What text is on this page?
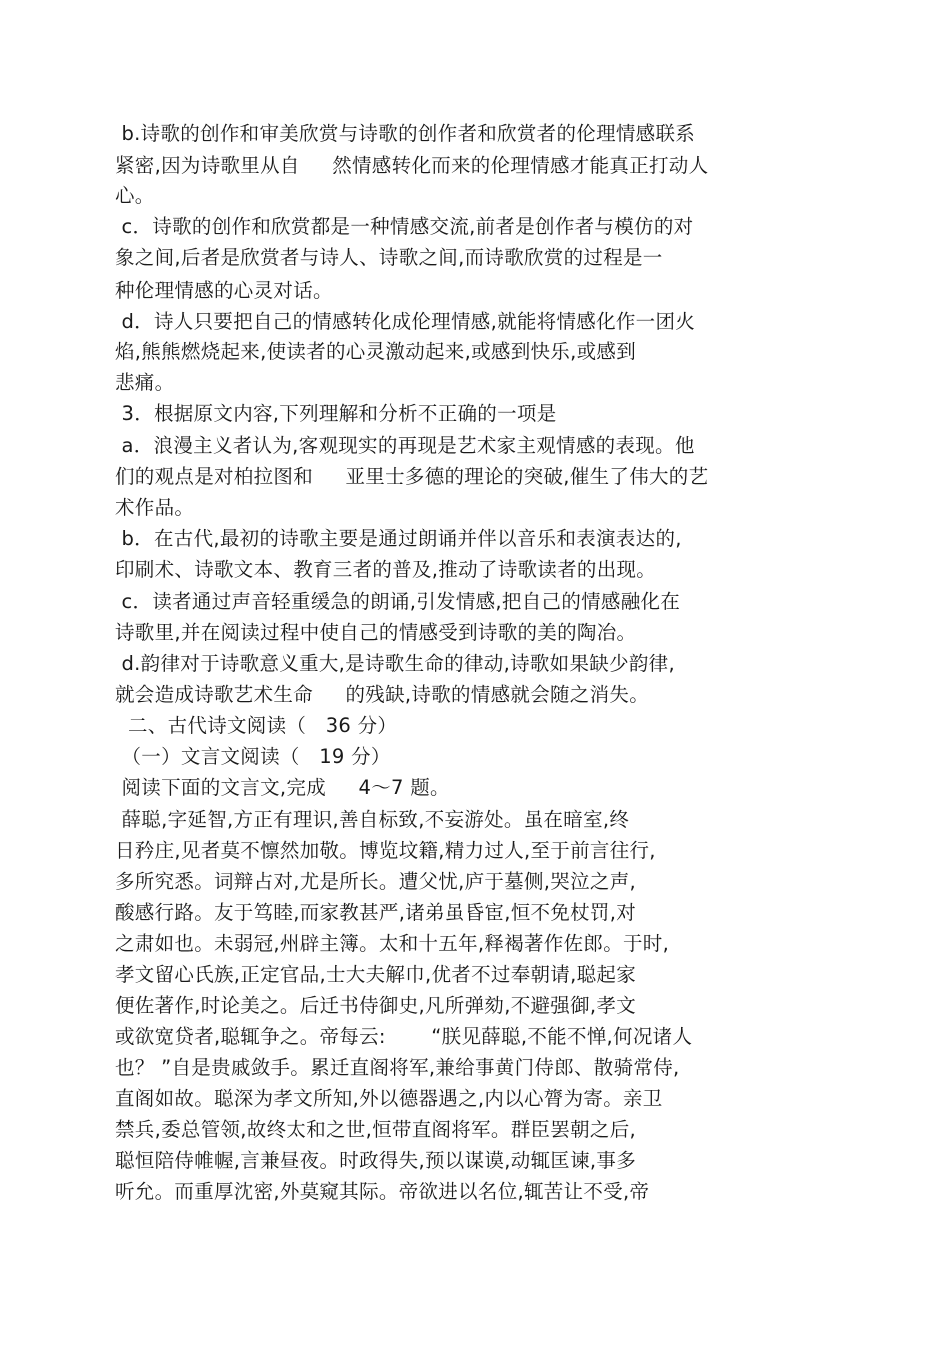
b.诗歌的创作和审美欣赏与诗歌的创作者和欣赏者的伦理情感联系
紧密,因为诗歌里从自     然情感转化而来的伦理情感才能真正打动人
心。
c．诗歌的创作和欣赏都是一种情感交流,前者是创作者与模仿的对
象之间,后者是欣赏者与诗人、诗歌之间,而诗歌欣赏的过程是一
种伦理情感的心灵对话。
d．诗人只要把自己的情感转化成伦理情感,就能将情感化作一团火
焰,熊熊燃烧起来,使读者的心灵激动起来,或感到快乐,或感到
悲痛。
3．根据原文内容,下列理解和分析不正确的一项是
a．浪漫主义者认为,客观现实的再现是艺术家主观情感的表现。他
们的观点是对柏拉图和     亚里士多德的理论的突破,催生了伟大的艺
术作品。
b．在古代,最初的诗歌主要是通过朗诵并伴以音乐和表演表达的,
印刷术、诗歌文本、教育三者的普及,推动了诗歌读者的出现。
c．读者通过声音轻重缓急的朗诵,引发情感,把自己的情感融化在
诗歌里,并在阅读过程中使自己的情感受到诗歌的美的陶冶。
d.韵律对于诗歌意义重大,是诗歌生命的律动,诗歌如果缺少韵律,
就会造成诗歌艺术生命     的残缺,诗歌的情感就会随之消失。
二、古代诗文阅读（   36 分）
（一）文言文阅读（   19 分）
阅读下面的文言文,完成     4～7 题。
薛聪,字延智,方正有理识,善自标致,不妄游处。虽在暗室,终
日矜庄,见者莫不懔然加敬。博览坟籍,精力过人,至于前言往行,
多所究悉。词辩占对,尤是所长。遭父忧,庐于墓侧,哭泣之声,
酸感行路。友于笃睦,而家教甚严,诸弟虽昏宦,恒不免杖罚,对
之肃如也。未弱冠,州辟主簿。太和十五年,释褐著作佐郎。于时,
孝文留心氏族,正定官品,士大夫解巾,优者不过奉朝请,聪起家
便佐著作,时论美之。后迁书侍御史,凡所弹劾,不避强御,孝文
或欲宽贷者,聪辄争之。帝每云:       “朕见薛聪,不能不惮,何况诸人
也？ ”自是贵戚敛手。累迁直阁将军,兼给事黄门侍郎、散骑常侍,
直阁如故。聪深为孝文所知,外以德器遇之,内以心膂为寄。亲卫
禁兵,委总管领,故终太和之世,恒带直阁将军。群臣罢朝之后,
聪恒陪侍帷幄,言兼昼夜。时政得失,预以谋谟,动辄匡谏,事多
听允。而重厚沈密,外莫窥其际。帝欲进以名位,辄苦让不受,帝
